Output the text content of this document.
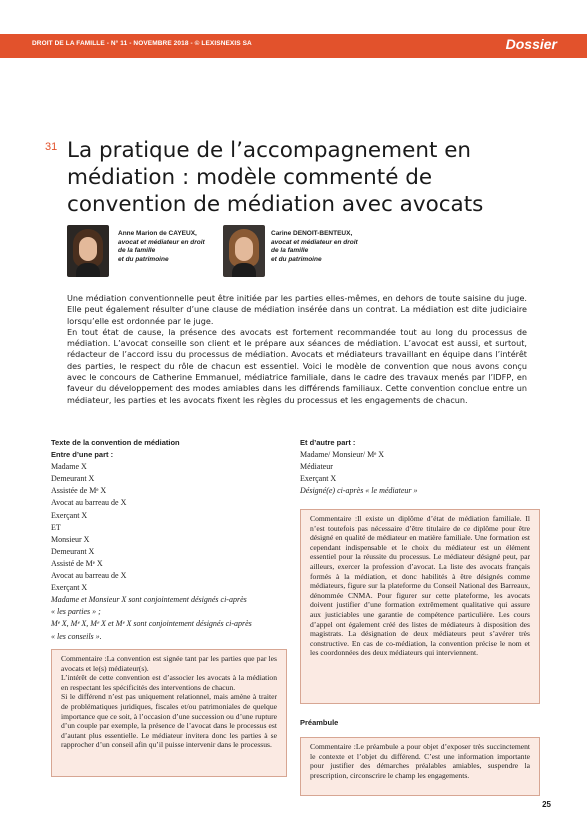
DROIT DE LA FAMILLE - N° 11 - NOVEMBRE 2018 - © LEXISNEXIS SA	Dossier
31 La pratique de l’accompagnement en médiation : modèle commenté de convention de médiation avec avocats
Anne Marion de CAYEUX,
avocat et médiateur en droit
de la famille
et du patrimoine
Carine DENOIT-BENTEUX,
avocat et médiateur en droit
de la famille
et du patrimoine

Une médiation conventionnelle peut être initiée par les parties elles-mêmes, en dehors de toute saisine du juge. Elle peut également résulter d’une clause de médiation insérée dans un contrat. La médiation est dite judiciaire lorsqu’elle est ordonnée par le juge.

En tout état de cause, la présence des avocats est fortement recommandée tout au long du processus de médiation. L’avocat conseille son client et le prépare aux séances de médiation. L’avocat est aussi, et surtout, rédacteur de l’accord issu du processus de médiation. Avocats et médiateurs travaillant en équipe dans l’intérêt des parties, le respect du rôle de chacun est essentiel. Voici le modèle de convention que nous avons conçu avec le concours de Catherine Emmanuel, médiatrice familiale, dans le cadre des travaux menés par l’IDFP, en faveur du développement des modes amiables dans les différends familiaux. Cette convention conclue entre un médiateur, les parties et les avocats fixent les règles du processus et les engagements de chacun.

Texte de la convention de médiation
Entre d’une part :
Madame X
Demeurant X
Assistée de Mᵉ X
Avocat au barreau de X
Exerçant X
ET
Monsieur X
Demeurant X
Assisté de Mᵉ X
Avocat au barreau de X
Exerçant X
Madame et Monsieur X sont conjointement désignés ci-après
« les parties » ;
Mᵉ X, Mᵉ X, Mᵉ X et Mᵉ X sont conjointement désignés ci-après
« les conseils ».

Commentaire :La convention est signée tant par les parties que par les avocats et le(s) médiateur(s).

L’intérêt de cette convention est d’associer les avocats à la médiation en respectant les spécificités des interventions de chacun.

Si le différend n’est pas uniquement relationnel, mais amène à traiter de problématiques juridiques, fiscales et/ou patrimoniales de quelque importance que ce soit, à l’occasion d’une succession ou d’une rupture d’un couple par exemple, la présence de l’avocat dans le processus est d’autant plus essentielle. Le médiateur invitera donc les parties à se rapprocher d’un conseil afin qu’il puisse intervenir dans le processus.

Et d’autre part :
Madame/ Monsieur/ Mᵉ X
Médiateur
Exerçant X
Désigné(e) ci-après « le médiateur »

Commentaire :Il existe un diplôme d’état de médiation familiale. Il n’est toutefois pas nécessaire d’être titulaire de ce diplôme pour être désigné en qualité de médiateur en matière familiale. Une formation est cependant indispensable et le choix du médiateur est un élément essentiel pour la réussite du processus. Le médiateur désigné peut, par ailleurs, exercer la profession d’avocat. La liste des avocats français formés à la médiation, et donc habilités à être désignés comme médiateurs, figure sur la plateforme du Conseil National des Barreaux, dénommée CNMA. Pour figurer sur cette plateforme, les avocats doivent justifier d’une formation extrêmement qualitative qui assure aux justiciables une garantie de compétence particulière. Les cours d’appel ont également créé des listes de médiateurs à disposition des magistrats. La désignation de deux médiateurs peut s’avérer très constructive. En cas de co-médiation, la convention précise le nom et les coordonnées des deux médiateurs qui interviennent.

Préambule

Commentaire :Le préambule a pour objet d’exposer très succinctement le contexte et l’objet du différend. C’est une information importante pour justifier des démarches préalables amiables, suspendre la prescription, circonscrire le champ les engagements.

25
